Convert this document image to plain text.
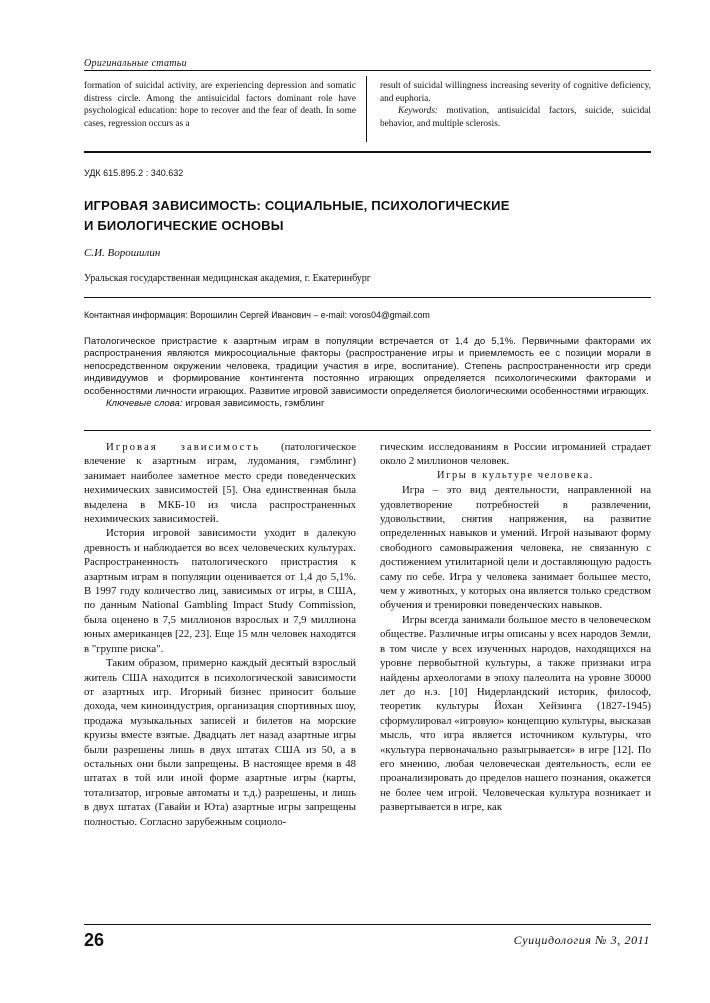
Оригинальные статьи

formation of suicidal activity, are experiencing depression and somatic distress circle. Among the antisuicidal factors dominant role have psychological education: hope to recover and the fear of death. In some cases, regression occurs as a

result of suicidal willingness increasing severity of cognitive deficiency, and euphoria.

Keywords: motivation, antisuicidal factors, suicide, suicidal behavior, and multiple sclerosis.

УДК 615.895.2 : 340.632
ИГРОВАЯ ЗАВИСИМОСТЬ: СОЦИАЛЬНЫЕ, ПСИХОЛОГИЧЕСКИЕ
И БИОЛОГИЧЕСКИЕ ОСНОВЫ
С.И. Ворошилин
Уральская государственная медицинская академия, г. Екатеринбург
Контактная информация: Ворошилин Сергей Иванович – e-mail: voros04@gmail.com

Патологическое пристрастие к азартным играм в популяции встречается от 1,4 до 5,1%. Первичными факторами их распространения являются микросоциальные факторы (распространение игры и приемлемость ее с позиции морали в непосредственном окружении человека, традиции участия в игре, воспитание). Степень распространенности игр среди индивидуумов и формирование контингента постоянно играющих определяется психологическими факторами и особенностями личности играющих. Развитие игровой зависимости определяется биологическими особенностями играющих.

Ключевые слова: игровая зависимость, гэмблинг

Игровая зависимость (патологическое влечение к азартным играм, лудомания, гэмблинг) занимает наиболее заметное место среди поведенческих нехимических зависимостей [5]. Она единственная была выделена в МКБ-10 из числа распространенных нехимических зависимостей.

История игровой зависимости уходит в далекую древность и наблюдается во всех человеческих культурах. Распространенность патологического пристрастия к азартным играм в популяции оценивается от 1,4 до 5,1%. В 1997 году количество лиц, зависимых от игры, в США, по данным National Gambling Impact Study Commission, была оценено в 7,5 миллионов взрослых и 7,9 миллиона юных американцев [22, 23]. Еще 15 млн человек находятся в "группе риска".

Таким образом, примерно каждый десятый взрослый житель США находится в психологической зависимости от азартных игр. Игорный бизнес приносит больше дохода, чем киноиндустрия, организация спортивных шоу, продажа музыкальных записей и билетов на морские круизы вместе взятые. Двадцать лет назад азартные игры были разрешены лишь в двух штатах США из 50, а в остальных они были запрещены. В настоящее время в 48 штатах в той или иной форме азартные игры (карты, тотализатор, игровые автоматы и т.д.) разрешены, и лишь в двух штатах (Гавайи и Юта) азартные игры запрещены полностью. Согласно зарубежным социоло-

гическим исследованиям в России игроманией страдает около 2 миллионов человек.

Игры в культуре человека.

Игра – это вид деятельности, направленной на удовлетворение потребностей в развлечении, удовольствии, снятия напряжения, на развитие определенных навыков и умений. Игрой называют форму свободного самовыражения человека, не связанную с достижением утилитарной цели и доставляющую радость саму по себе. Игра у человека занимает большее место, чем у животных, у которых она является только средством обучения и тренировки поведенческих навыков.

Игры всегда занимали большое место в человеческом обществе. Различные игры описаны у всех народов Земли, в том числе у всех изученных народов, находящихся на уровне первобытной культуры, а также признаки игра найдены археологами в эпоху палеолита на уровне 30000 лет до н.э. [10] Нидерландский историк, философ, теоретик культуры Йохан Хейзинга (1827-1945) сформулировал «игровую» концепцию культуры, высказав мысль, что игра является источником культуры, что «культура первоначально разыгрывается» в игре [12]. По его мнению, любая человеческая деятельность, если ее проанализировать до пределов нашего познания, окажется не более чем игрой. Человеческая культура возникает и развертывается в игре, как

26	Суицидология № 3, 2011
